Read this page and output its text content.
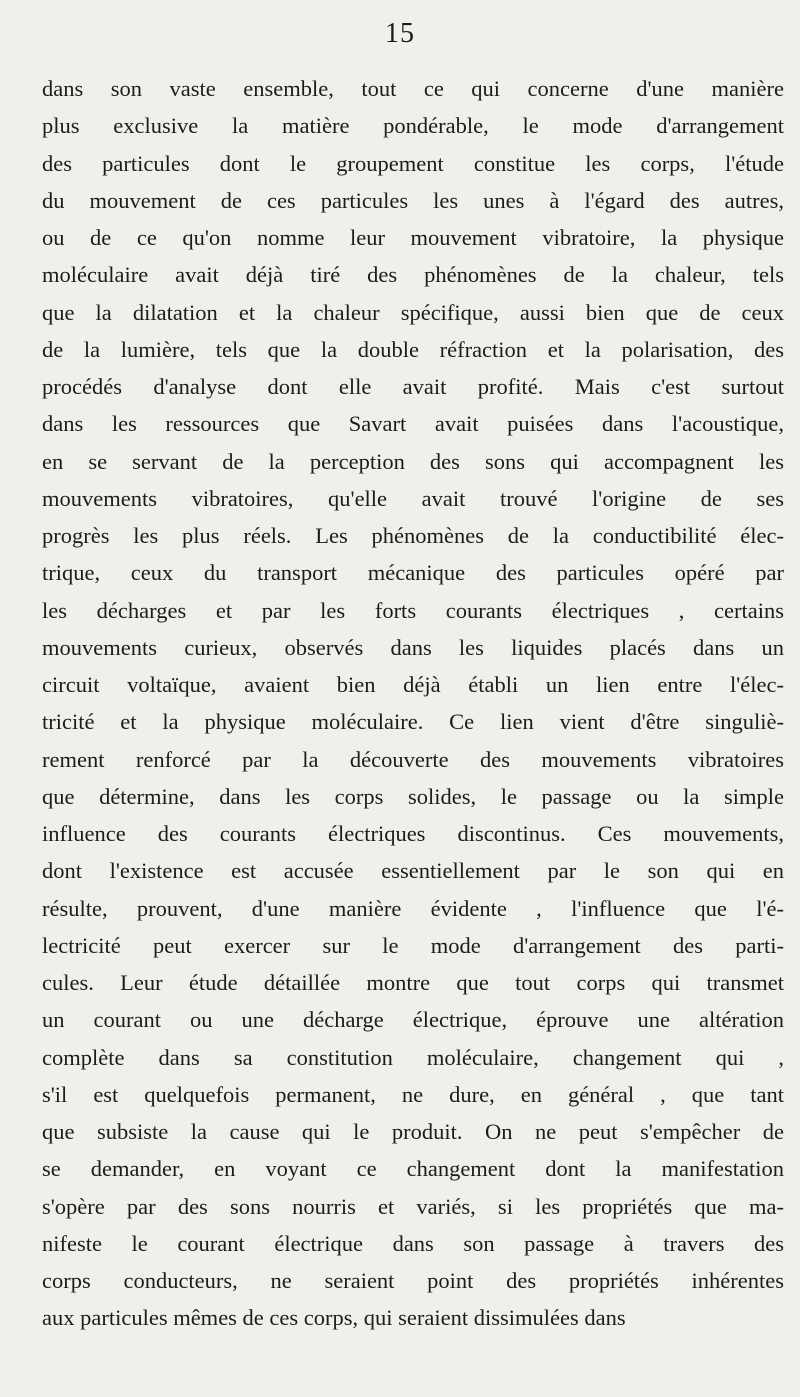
15
dans son vaste ensemble, tout ce qui concerne d'une manière
plus exclusive la matière pondérable, le mode d'arrangement
des particules dont le groupement constitue les corps, l'étude
du mouvement de ces particules les unes à l'égard des autres,
ou de ce qu'on nomme leur mouvement vibratoire, la physique
moléculaire avait déjà tiré des phénomènes de la chaleur, tels
que la dilatation et la chaleur spécifique, aussi bien que de ceux
de la lumière, tels que la double réfraction et la polarisation, des
procédés d'analyse dont elle avait profité. Mais c'est surtout
dans les ressources que Savart avait puisées dans l'acoustique,
en se servant de la perception des sons qui accompagnent les
mouvements vibratoires, qu'elle avait trouvé l'origine de ses
progrès les plus réels. Les phénomènes de la conductibilité élec-
trique, ceux du transport mécanique des particules opéré par
les décharges et par les forts courants électriques , certains
mouvements curieux, observés dans les liquides placés dans un
circuit voltaïque, avaient bien déjà établi un lien entre l'élec-
tricité et la physique moléculaire. Ce lien vient d'être singuliè-
rement renforcé par la découverte des mouvements vibratoires
que détermine, dans les corps solides, le passage ou la simple
influence des courants électriques discontinus. Ces mouvements,
dont l'existence est accusée essentiellement par le son qui en
résulte, prouvent, d'une manière évidente , l'influence que l'é-
lectricité peut exercer sur le mode d'arrangement des parti-
cules. Leur étude détaillée montre que tout corps qui transmet
un courant ou une décharge électrique, éprouve une altération
complète dans sa constitution moléculaire, changement qui ,
s'il est quelquefois permanent, ne dure, en général , que tant
que subsiste la cause qui le produit. On ne peut s'empêcher de
se demander, en voyant ce changement dont la manifestation
s'opère par des sons nourris et variés, si les propriétés que ma-
nifeste le courant électrique dans son passage à travers des
corps conducteurs, ne seraient point des propriétés inhérentes
aux particules mêmes de ces corps, qui seraient dissimulées dans
